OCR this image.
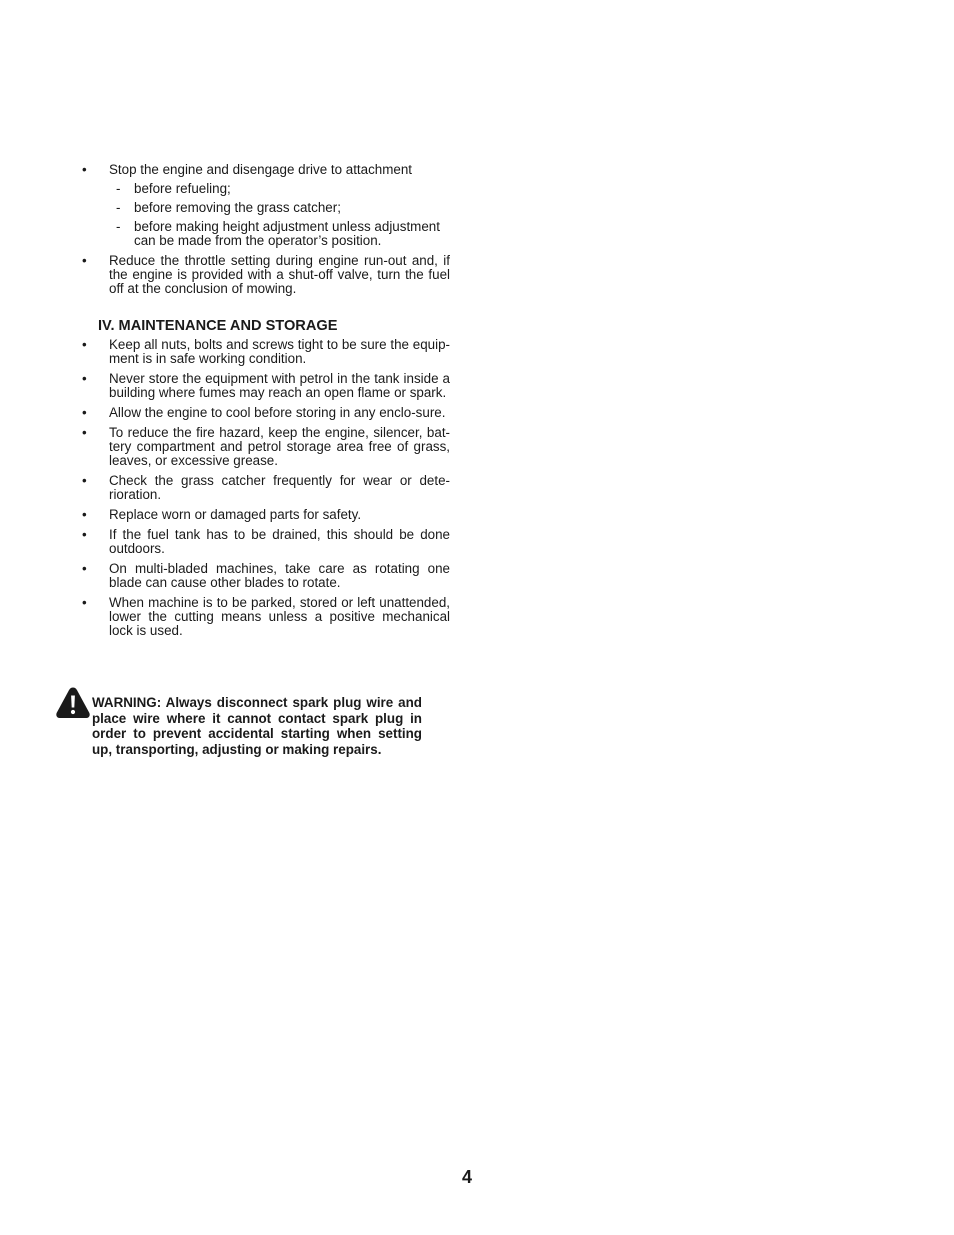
•	Stop the engine and disengage drive to attachment
- before refueling;
- before removing the grass catcher;
- before making height adjustment unless adjustment can be made from the operator’s position.
•	Reduce the throttle setting during engine run-out and, if the engine is provided with a shut-off valve, turn the fuel off at the conclusion of mowing.
IV. MAINTENANCE AND STORAGE
•	Keep all nuts, bolts and screws tight to be sure the equip-ment is in safe working condition.
•	Never store the equipment with petrol in the tank inside a building where fumes may reach an open flame or spark.
•	Allow the engine to cool before storing in any enclo-sure.
•	To reduce the fire hazard, keep the engine, silencer, bat-tery compartment and petrol storage area free of grass, leaves, or excessive grease.
•	Check the grass catcher frequently for wear or dete-rioration.
•	Replace worn or damaged parts for safety.
•	If the fuel tank has to be drained, this should be done outdoors.
•	On multi-bladed machines, take care as rotating one blade can cause other blades to rotate.
•	When machine is to be parked, stored or left unattended, lower the cutting means unless a positive mechanical lock is used.
WARNING: Always disconnect spark plug wire and place wire where it cannot contact spark plug in order to prevent accidental starting when setting up, transporting, adjusting or making repairs.
4
